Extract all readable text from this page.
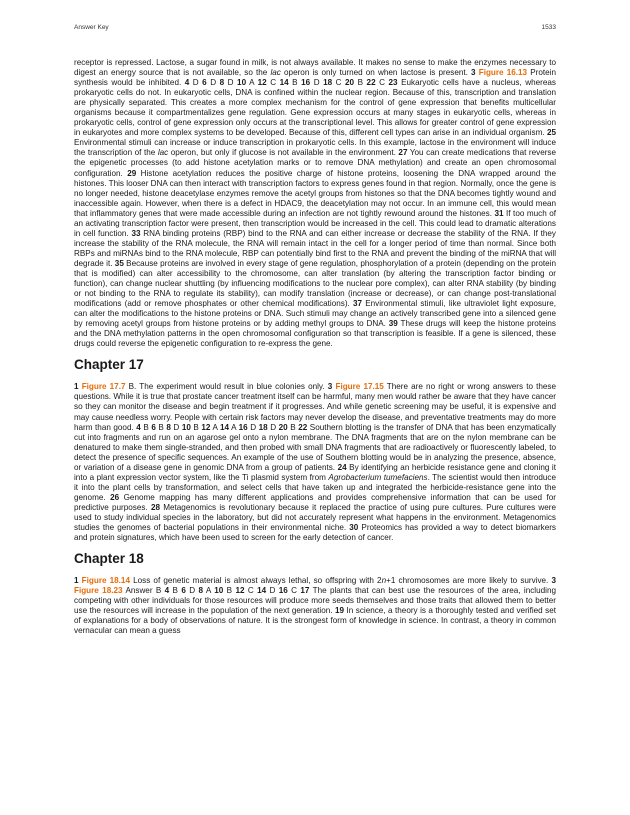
Answer Key	1533

receptor is repressed. Lactose, a sugar found in milk, is not always available. It makes no sense to make the enzymes necessary to digest an energy source that is not available, so the lac operon is only turned on when lactose is present. 3 Figure 16.13 Protein synthesis would be inhibited. 4 D 6 D 8 D 10 A 12 C 14 B 16 D 18 C 20 B 22 C 23 Eukaryotic cells have a nucleus, whereas prokaryotic cells do not. In eukaryotic cells, DNA is confined within the nuclear region. Because of this, transcription and translation are physically separated. This creates a more complex mechanism for the control of gene expression that benefits multicellular organisms because it compartmentalizes gene regulation. Gene expression occurs at many stages in eukaryotic cells, whereas in prokaryotic cells, control of gene expression only occurs at the transcriptional level. This allows for greater control of gene expression in eukaryotes and more complex systems to be developed. Because of this, different cell types can arise in an individual organism. 25 Environmental stimuli can increase or induce transcription in prokaryotic cells. In this example, lactose in the environment will induce the transcription of the lac operon, but only if glucose is not available in the environment. 27 You can create medications that reverse the epigenetic processes (to add histone acetylation marks or to remove DNA methylation) and create an open chromosomal configuration. 29 Histone acetylation reduces the positive charge of histone proteins, loosening the DNA wrapped around the histones. This looser DNA can then interact with transcription factors to express genes found in that region. Normally, once the gene is no longer needed, histone deacetylase enzymes remove the acetyl groups from histones so that the DNA becomes tightly wound and inaccessible again. However, when there is a defect in HDAC9, the deacetylation may not occur. In an immune cell, this would mean that inflammatory genes that were made accessible during an infection are not tightly rewound around the histones. 31 If too much of an activating transcription factor were present, then transcription would be increased in the cell. This could lead to dramatic alterations in cell function. 33 RNA binding proteins (RBP) bind to the RNA and can either increase or decrease the stability of the RNA. If they increase the stability of the RNA molecule, the RNA will remain intact in the cell for a longer period of time than normal. Since both RBPs and miRNAs bind to the RNA molecule, RBP can potentially bind first to the RNA and prevent the binding of the miRNA that will degrade it. 35 Because proteins are involved in every stage of gene regulation, phosphorylation of a protein (depending on the protein that is modified) can alter accessibility to the chromosome, can alter translation (by altering the transcription factor binding or function), can change nuclear shuttling (by influencing modifications to the nuclear pore complex), can alter RNA stability (by binding or not binding to the RNA to regulate its stability), can modify translation (increase or decrease), or can change post-translational modifications (add or remove phosphates or other chemical modifications). 37 Environmental stimuli, like ultraviolet light exposure, can alter the modifications to the histone proteins or DNA. Such stimuli may change an actively transcribed gene into a silenced gene by removing acetyl groups from histone proteins or by adding methyl groups to DNA. 39 These drugs will keep the histone proteins and the DNA methylation patterns in the open chromosomal configuration so that transcription is feasible. If a gene is silenced, these drugs could reverse the epigenetic configuration to re-express the gene.

Chapter 17

1 Figure 17.7 B. The experiment would result in blue colonies only. 3 Figure 17.15 There are no right or wrong answers to these questions. While it is true that prostate cancer treatment itself can be harmful, many men would rather be aware that they have cancer so they can monitor the disease and begin treatment if it progresses. And while genetic screening may be useful, it is expensive and may cause needless worry. People with certain risk factors may never develop the disease, and preventative treatments may do more harm than good. 4 B 6 B 8 D 10 B 12 A 14 A 16 D 18 D 20 B 22 Southern blotting is the transfer of DNA that has been enzymatically cut into fragments and run on an agarose gel onto a nylon membrane. The DNA fragments that are on the nylon membrane can be denatured to make them single-stranded, and then probed with small DNA fragments that are radioactively or fluorescently labeled, to detect the presence of specific sequences. An example of the use of Southern blotting would be in analyzing the presence, absence, or variation of a disease gene in genomic DNA from a group of patients. 24 By identifying an herbicide resistance gene and cloning it into a plant expression vector system, like the Ti plasmid system from Agrobacterium tumefaciens. The scientist would then introduce it into the plant cells by transformation, and select cells that have taken up and integrated the herbicide-resistance gene into the genome. 26 Genome mapping has many different applications and provides comprehensive information that can be used for predictive purposes. 28 Metagenomics is revolutionary because it replaced the practice of using pure cultures. Pure cultures were used to study individual species in the laboratory, but did not accurately represent what happens in the environment. Metagenomics studies the genomes of bacterial populations in their environmental niche. 30 Proteomics has provided a way to detect biomarkers and protein signatures, which have been used to screen for the early detection of cancer.

Chapter 18

1 Figure 18.14 Loss of genetic material is almost always lethal, so offspring with 2n+1 chromosomes are more likely to survive. 3 Figure 18.23 Answer B 4 B 6 D 8 A 10 B 12 C 14 D 16 C 17 The plants that can best use the resources of the area, including competing with other individuals for those resources will produce more seeds themselves and those traits that allowed them to better use the resources will increase in the population of the next generation. 19 In science, a theory is a thoroughly tested and verified set of explanations for a body of observations of nature. It is the strongest form of knowledge in science. In contrast, a theory in common vernacular can mean a guess
